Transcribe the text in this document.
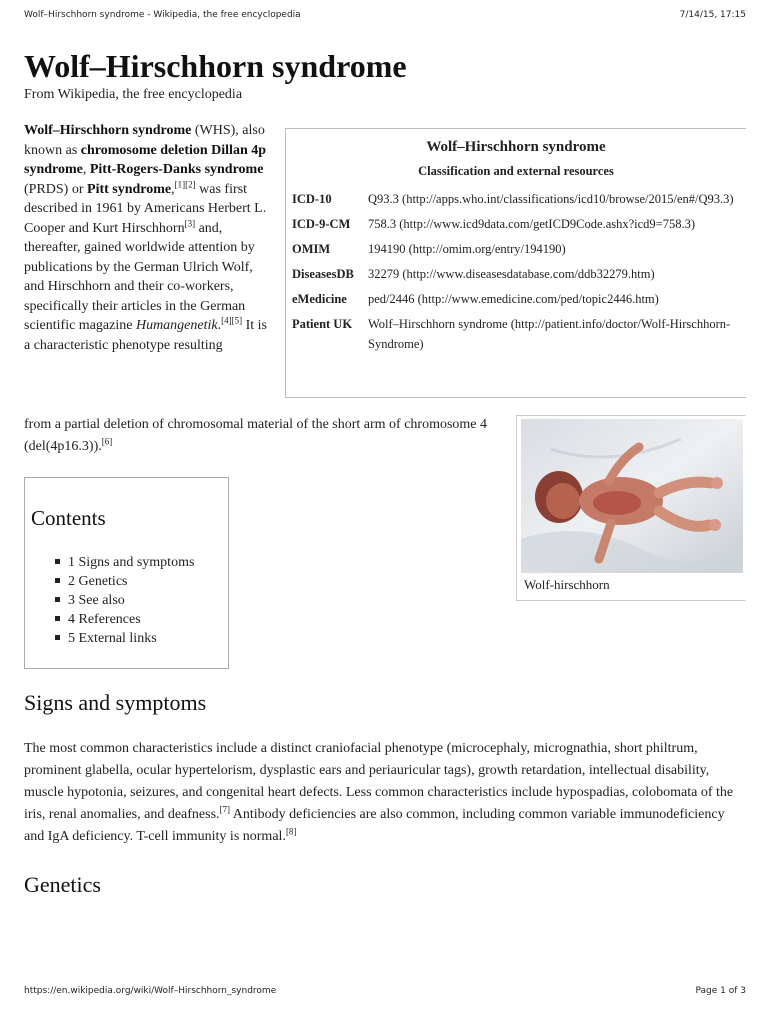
Wolf–Hirschhorn syndrome - Wikipedia, the free encyclopedia	7/14/15, 17:15
Wolf–Hirschhorn syndrome
From Wikipedia, the free encyclopedia
Wolf–Hirschhorn syndrome (WHS), also known as chromosome deletion Dillan 4p syndrome, Pitt-Rogers-Danks syndrome (PRDS) or Pitt syndrome,[1][2] was first described in 1961 by Americans Herbert L. Cooper and Kurt Hirschhorn[3] and, thereafter, gained worldwide attention by publications by the German Ulrich Wolf, and Hirschhorn and their co-workers, specifically their articles in the German scientific magazine Humangenetik.[4][5] It is a characteristic phenotype resulting
from a partial deletion of chromosomal material of the short arm of chromosome 4 (del(4p16.3)).[6]
Wolf–Hirschhorn syndrome
Classification and external resources
ICD-10	Q93.3 (http://apps.who.int/classifications/icd10/browse/2015/en#/Q93.3)
ICD-9-CM	758.3 (http://www.icd9data.com/getICD9Code.ashx?icd9=758.3)
OMIM	194190 (http://omim.org/entry/194190)
DiseasesDB	32279 (http://www.diseasesdatabase.com/ddb32279.htm)
eMedicine	ped/2446 (http://www.emedicine.com/ped/topic2446.htm)
Patient UK	Wolf–Hirschhorn syndrome (http://patient.info/doctor/Wolf-Hirschhorn-Syndrome)
Wolf-hirschhorn
Contents
1 Signs and symptoms
2 Genetics
3 See also
4 References
5 External links
Signs and symptoms
The most common characteristics include a distinct craniofacial phenotype (microcephaly, micrognathia, short philtrum, prominent glabella, ocular hypertelorism, dysplastic ears and periauricular tags), growth retardation, intellectual disability, muscle hypotonia, seizures, and congenital heart defects. Less common characteristics include hypospadias, colobomata of the iris, renal anomalies, and deafness.[7] Antibody deficiencies are also common, including common variable immunodeficiency and IgA deficiency. T-cell immunity is normal.[8]
Genetics
https://en.wikipedia.org/wiki/Wolf–Hirschhorn_syndrome	Page 1 of 3
